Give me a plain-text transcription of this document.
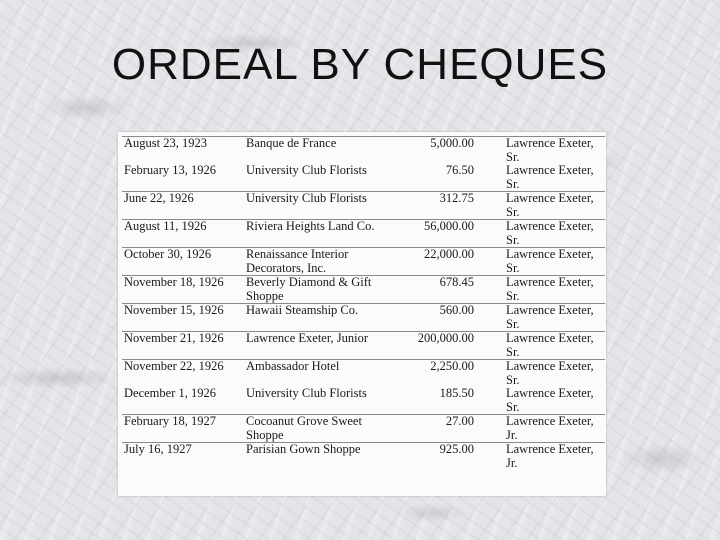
ORDEAL BY CHEQUES
August 23, 1923	Banque de France	5,000.00	Lawrence Exeter, Sr.
February 13, 1926	University Club Florists	76.50	Lawrence Exeter, Sr.
June 22, 1926	University Club Florists	312.75	Lawrence Exeter, Sr.
August 11, 1926	Riviera Heights Land Co.	56,000.00	Lawrence Exeter, Sr.
October 30, 1926	Renaissance Interior Decorators, Inc.	22,000.00	Lawrence Exeter, Sr.
November 18, 1926	Beverly Diamond & Gift Shoppe	678.45	Lawrence Exeter, Sr.
November 15, 1926	Hawaii Steamship Co.	560.00	Lawrence Exeter, Sr.
November 21, 1926	Lawrence Exeter, Junior	200,000.00	Lawrence Exeter, Sr.
November 22, 1926	Ambassador Hotel	2,250.00	Lawrence Exeter, Sr.
December 1, 1926	University Club Florists	185.50	Lawrence Exeter, Sr.
February 18, 1927	Cocoanut Grove Sweet Shoppe	27.00	Lawrence Exeter, Jr.
July 16, 1927	Parisian Gown Shoppe	925.00	Lawrence Exeter, Jr.
